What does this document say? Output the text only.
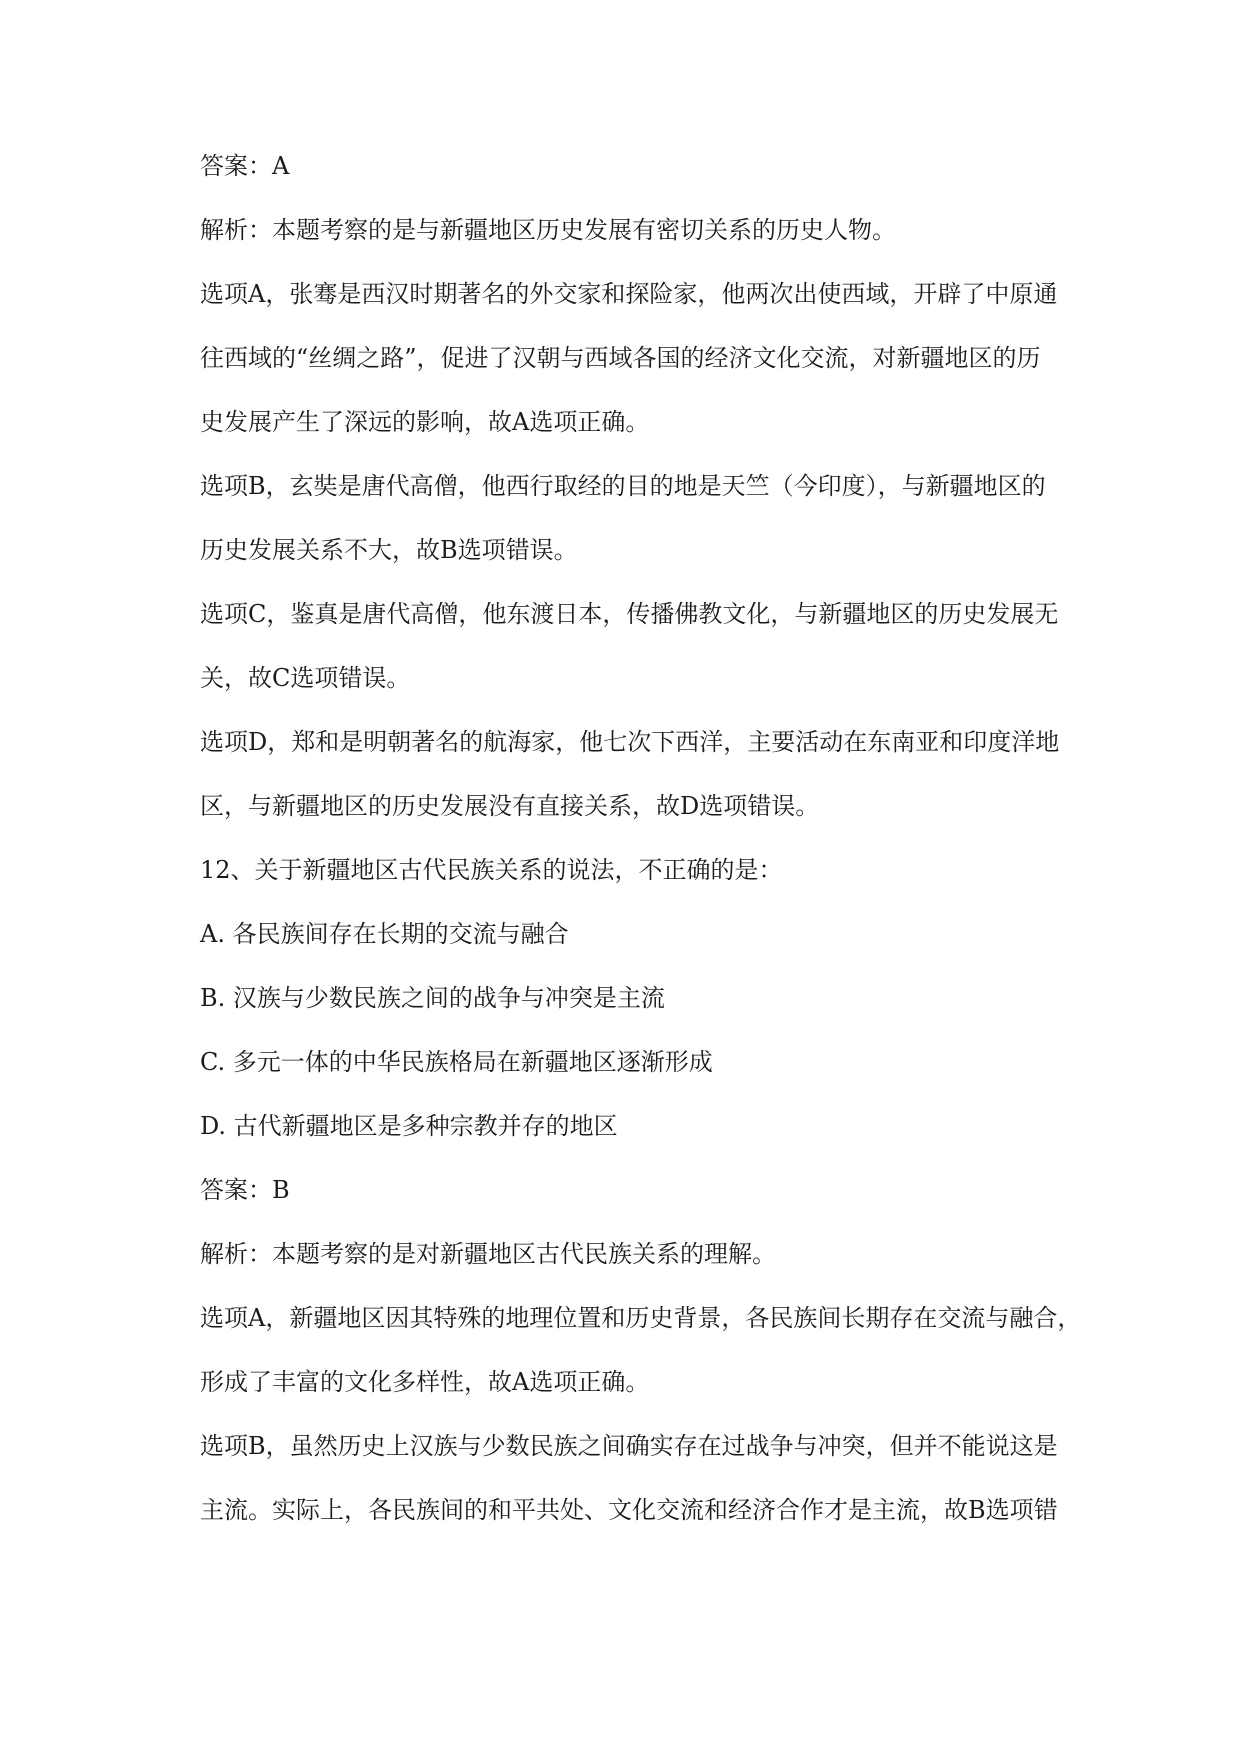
答案：A
解析：本题考察的是与新疆地区历史发展有密切关系的历史人物。
选项A，张骞是西汉时期著名的外交家和探险家，他两次出使西域，开辟了中原通
往西域的“丝绸之路”，促进了汉朝与西域各国的经济文化交流，对新疆地区的历
史发展产生了深远的影响，故A选项正确。
选项B，玄奘是唐代高僧，他西行取经的目的地是天竺（今印度），与新疆地区的
历史发展关系不大，故B选项错误。
选项C，鉴真是唐代高僧，他东渡日本，传播佛教文化，与新疆地区的历史发展无
关，故C选项错误。
选项D，郑和是明朝著名的航海家，他七次下西洋，主要活动在东南亚和印度洋地
区，与新疆地区的历史发展没有直接关系，故D选项错误。
12、关于新疆地区古代民族关系的说法，不正确的是：
A. 各民族间存在长期的交流与融合
B. 汉族与少数民族之间的战争与冲突是主流
C. 多元一体的中华民族格局在新疆地区逐渐形成
D. 古代新疆地区是多种宗教并存的地区
答案：B
解析：本题考察的是对新疆地区古代民族关系的理解。
选项A，新疆地区因其特殊的地理位置和历史背景，各民族间长期存在交流与融合，
形成了丰富的文化多样性，故A选项正确。
选项B，虽然历史上汉族与少数民族之间确实存在过战争与冲突，但并不能说这是
主流。实际上，各民族间的和平共处、文化交流和经济合作才是主流，故B选项错
